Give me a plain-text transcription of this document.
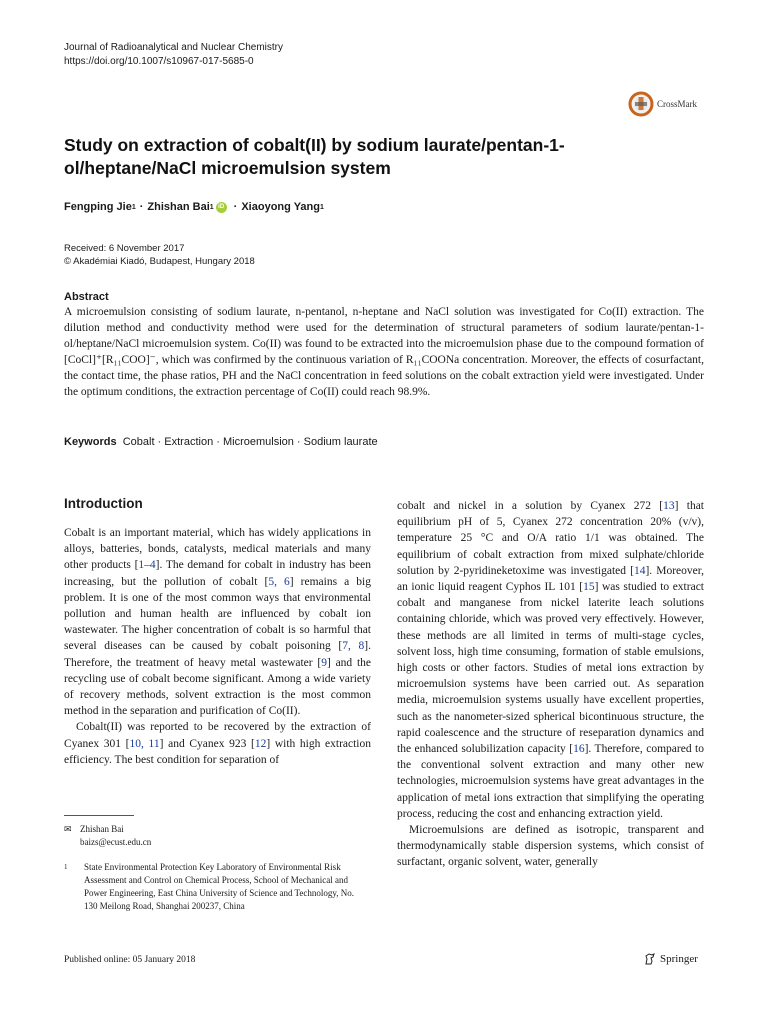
Journal of Radioanalytical and Nuclear Chemistry
https://doi.org/10.1007/s10967-017-5685-0
CrossMark
Study on extraction of cobalt(II) by sodium laurate/pentan-1-ol/heptane/NaCl microemulsion system
Fengping Jie 1 · Zhishan Bai 1 iD · Xiaoyong Yang 1
Received: 6 November 2017
© Akadémiai Kiadó, Budapest, Hungary 2018
Abstract

A microemulsion consisting of sodium laurate, n-pentanol, n-heptane and NaCl solution was investigated for Co(II) extraction. The dilution method and conductivity method were used for the determination of structural parameters of sodium laurate/pentan-1-ol/heptane/NaCl microemulsion system. Co(II) was found to be extracted into the microemulsion phase due to the compound formation of [CoCl]⁺[R₁₁COO]⁻, which was confirmed by the continuous variation of R₁₁COONa concentration. Moreover, the effects of cosurfactant, the contact time, the phase ratios, PH and the NaCl concentration in feed solutions on the cobalt extraction yield were investigated. Under the optimum conditions, the extraction percentage of Co(II) could reach 98.9%.

Keywords Cobalt · Extraction · Microemulsion · Sodium laurate
Introduction

Cobalt is an important material, which has widely applications in alloys, batteries, bonds, catalysts, medical materials and many other products [1–4]. The demand for cobalt in industry has been increasing, but the pollution of cobalt [5, 6] remains a big problem. It is one of the most common ways that environmental pollution and human health are influenced by cobalt ion wastewater. The higher concentration of cobalt is so harmful that several diseases can be caused by cobalt poisoning [7, 8]. Therefore, the treatment of heavy metal wastewater [9] and the recycling use of cobalt become significant. Among a wide variety of recovery methods, solvent extraction is the most common method in the separation and purification of Co(II).

Cobalt(II) was reported to be recovered by the extraction of Cyanex 301 [10, 11] and Cyanex 923 [12] with high extraction efficiency. The best condition for separation of

cobalt and nickel in a solution by Cyanex 272 [13] that equilibrium pH of 5, Cyanex 272 concentration 20% (v/v), temperature 25 °C and O/A ratio 1/1 was obtained. The equilibrium of cobalt extraction from mixed sulphate/chloride solution by 2-pyridineketoxime was investigated [14]. Moreover, an ionic liquid reagent Cyphos IL 101 [15] was studied to extract cobalt and manganese from nickel laterite leach solutions containing chloride, which was proved very effectively. However, these methods are all limited in terms of multi-stage cycles, solvent loss, high time consuming, formation of stable emulsions, high costs or other factors. Studies of metal ions extraction by microemulsion systems have been carried out. As separation media, microemulsion systems usually have excellent properties, such as the nanometer-sized spherical bicontinuous structure, the rapid coalescence and the structure of reseparation dynamics and the enhanced solubilization capacity [16]. Therefore, compared to the conventional solvent extraction and many other new technologies, microemulsion systems have great advantages in the application of metal ions extraction that simplifying the operating process, reducing the cost and enhancing extraction yield.

Microemulsions are defined as isotropic, transparent and thermodynamically stable dispersion systems, which consist of surfactant, organic solvent, water, generally

✉ Zhishan Bai
baizs@ecust.edu.cn
1 State Environmental Protection Key Laboratory of Environmental Risk Assessment and Control on Chemical Process, School of Mechanical and Power Engineering, East China University of Science and Technology, No. 130 Meilong Road, Shanghai 200237, China
Published online: 05 January 2018	Springer
